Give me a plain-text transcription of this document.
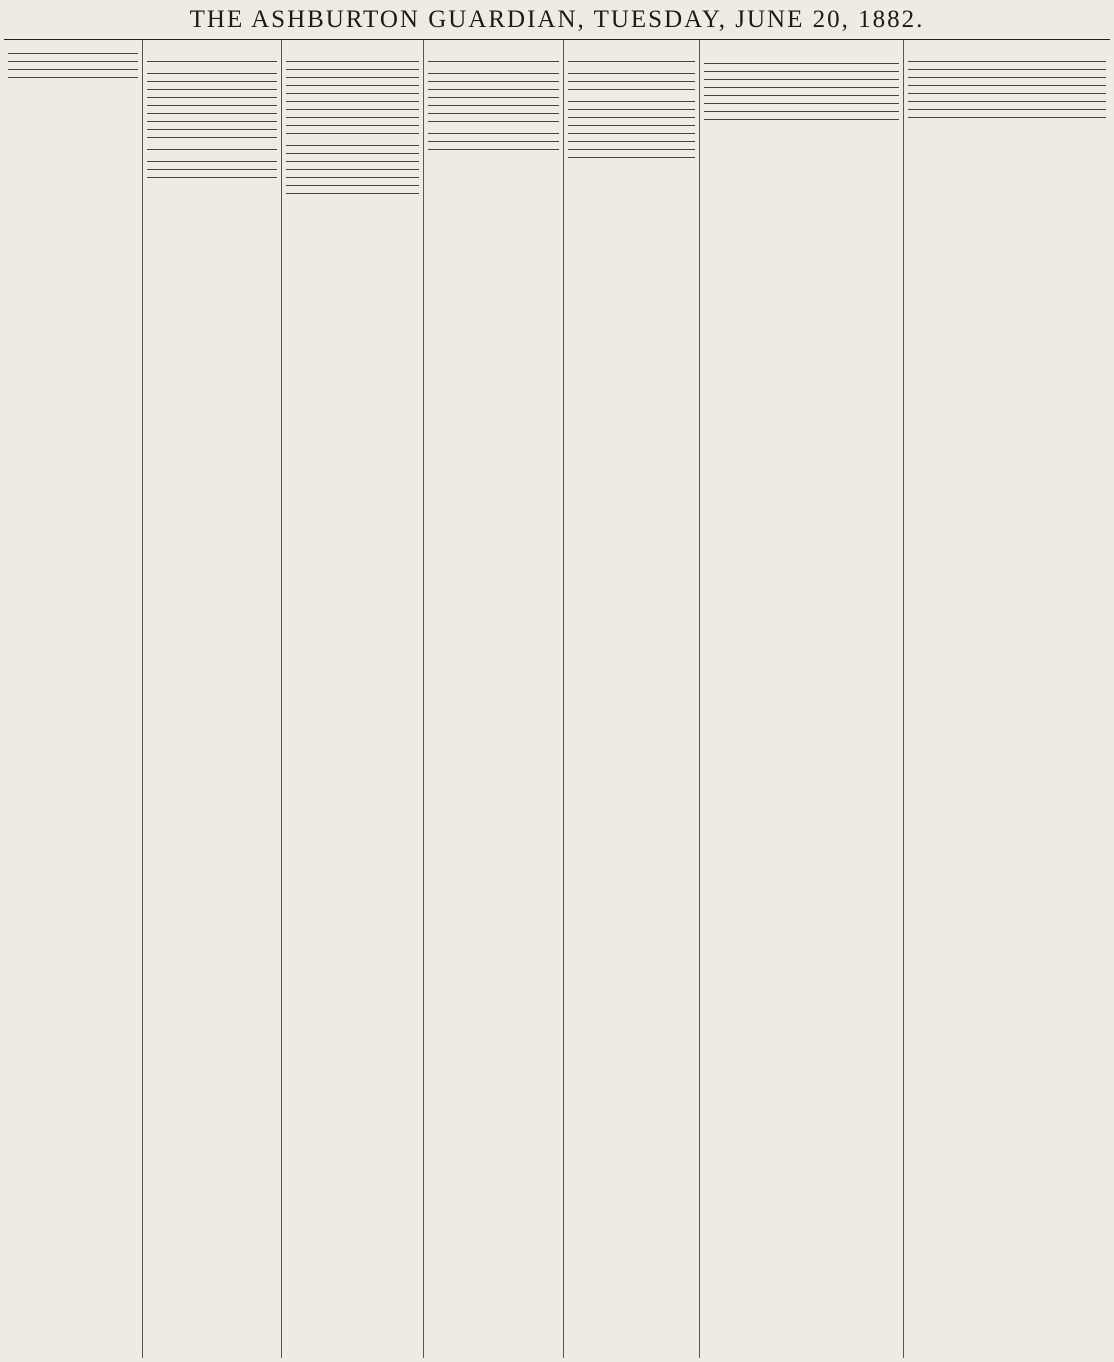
THE ASHBURTON GUARDIAN, TUESDAY, JUNE 20, 1882.
